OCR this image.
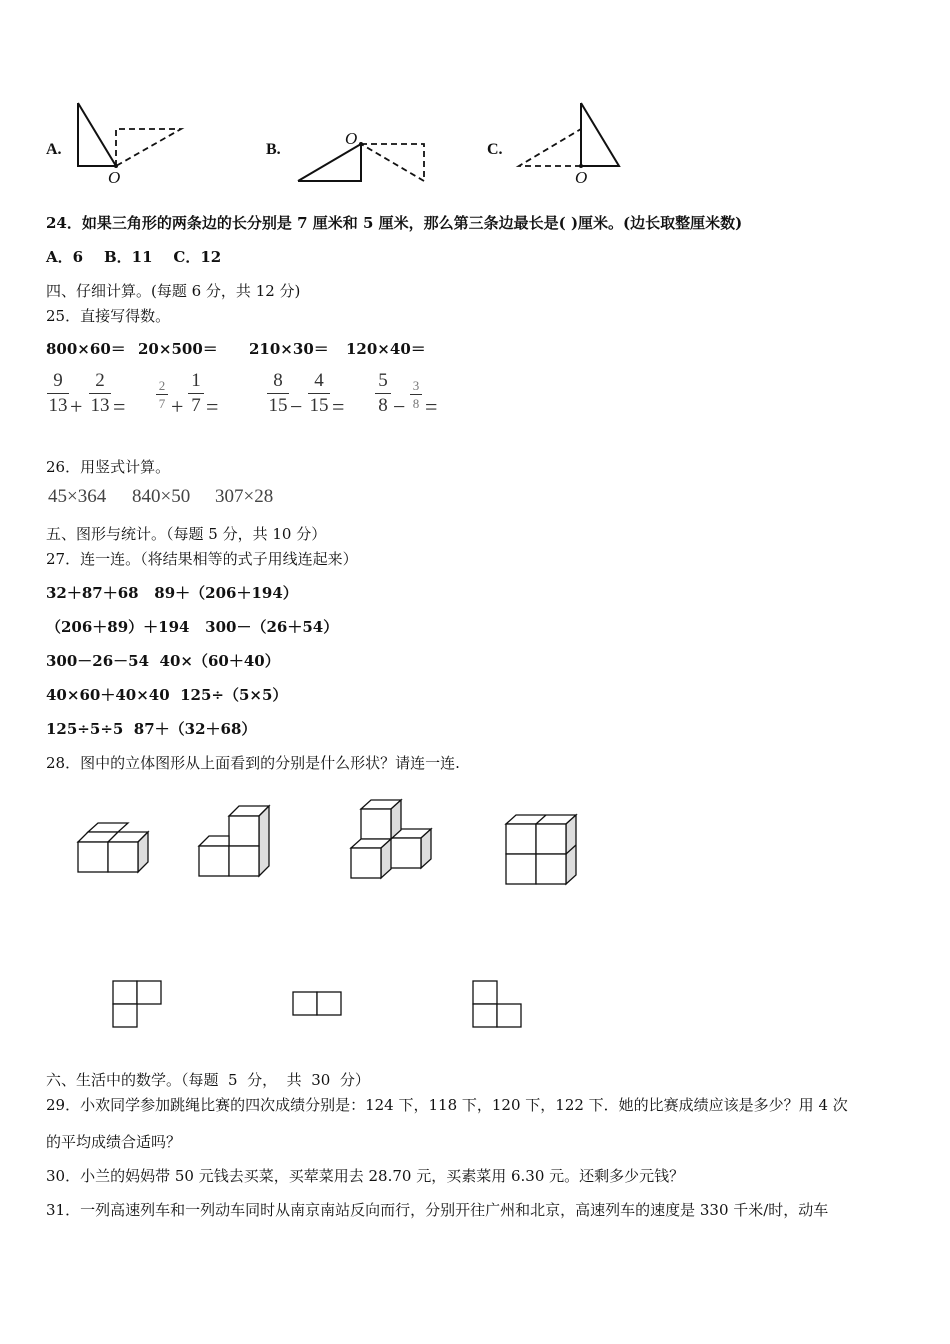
A.
O
B.
O
C.
O
24．如果三角形的两条边的长分别是 7 厘米和 5 厘米，那么第三条边最长是( )厘米。(边长取整厘米数)
A．6    B．11    C．12
四、仔细计算。(每题 6 分，共 12 分)
25．直接写得数。
800×60＝ 20×500＝ 210×30＝ 120×40＝
9
13 +
2
13 =
2
7 +
1
7 =
8
15 −
4
15 =
5
8 −
3
8 =
26．用竖式计算。
45×364 840×50 307×28
五、图形与统计。（每题 5 分，共 10 分）
27．连一连。（将结果相等的式子用线连起来）
32＋87＋68   89＋（206＋194）
（206＋89）＋194   300－（26＋54）
300－26－54  40×（60＋40）
40×60＋40×40  125÷（5×5）
125÷5÷5  87＋（32＋68）
28．图中的立体图形从上面看到的分别是什么形状？请连一连.
六、生活中的数学。（每题  5  分，  共  30  分）
29．小欢同学参加跳绳比赛的四次成绩分别是：124 下，118 下，120 下，122 下．她的比赛成绩应该是多少？用 4 次
的平均成绩合适吗？
30．小兰的妈妈带 50 元钱去买菜，买荤菜用去 28.70 元，买素菜用 6.30 元。还剩多少元钱？
31．一列高速列车和一列动车同时从南京南站反向而行，分别开往广州和北京，高速列车的速度是 330 千米/时，动车
